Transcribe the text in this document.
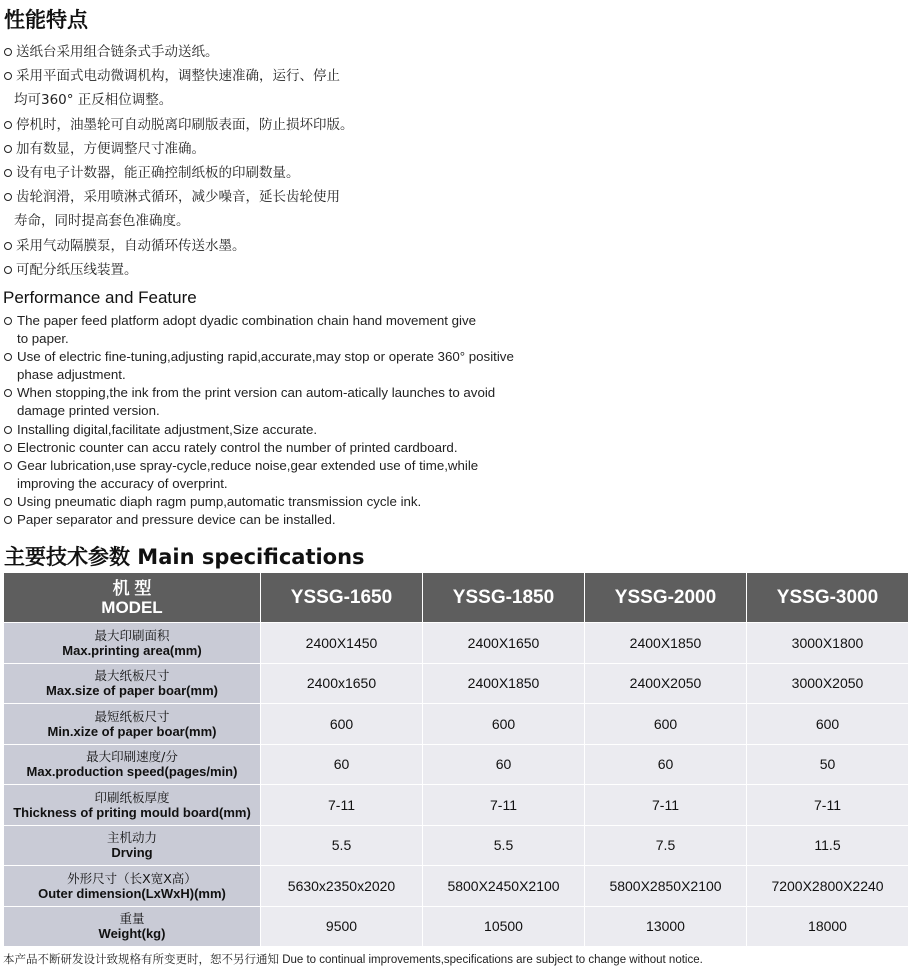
性能特点
送纸台采用组合链条式手动送纸。
采用平面式电动微调机构，调整快速准确，运行、停止
均可360° 正反相位调整。
停机时，油墨轮可自动脱离印刷版表面，防止损坏印版。
加有数显，方便调整尺寸准确。
设有电子计数器，能正确控制纸板的印刷数量。
齿轮润滑，采用喷淋式循环，减少噪音，延长齿轮使用
寿命，同时提高套色准确度。
采用气动隔膜泵，自动循环传送水墨。
可配分纸压线装置。
Performance and Feature
The paper feed platform adopt dyadic combination chain hand movement give
to paper.
Use of electric fine-tuning,adjusting rapid,accurate,may stop or operate 360° positive
phase adjustment.
When stopping,the ink from the print version can autom-atically launches to avoid
damage printed version.
Installing digital,facilitate adjustment,Size accurate.
Electronic counter can accu rately control the number of printed cardboard.
Gear lubrication,use spray-cycle,reduce noise,gear extended use of time,while
improving the accuracy of overprint.
Using pneumatic diaph ragm pump,automatic transmission cycle ink.
Paper separator and pressure device can be installed.
主要技术参数 Main specifications
机 型
MODEL	YSSG-1650	YSSG-1850	YSSG-2000	YSSG-3000

最大印刷面积
Max.printing area(mm)	2400X1450	2400X1650	2400X1850	3000X1800

最大纸板尺寸
Max.size of paper boar(mm)	2400x1650	2400X1850	2400X2050	3000X2050

最短纸板尺寸
Min.xize of paper boar(mm)	600	600	600	600

最大印刷速度/分
Max.production speed(pages/min)	60	60	60	50

印刷纸板厚度
Thickness of priting mould board(mm)	7-11	7-11	7-11	7-11

主机动力
Drving	5.5	5.5	7.5	11.5

外形尺寸（长X宽X高）
Outer dimension(LxWxH)(mm)	5630x2350x2020	5800X2450X2100	5800X2850X2100	7200X2800X2240

重量
Weight(kg)	9500	10500	13000	18000
本产品不断研发设计致规格有所变更时，恕不另行通知 Due to continual improvements,specifications are subject to change without notice.
